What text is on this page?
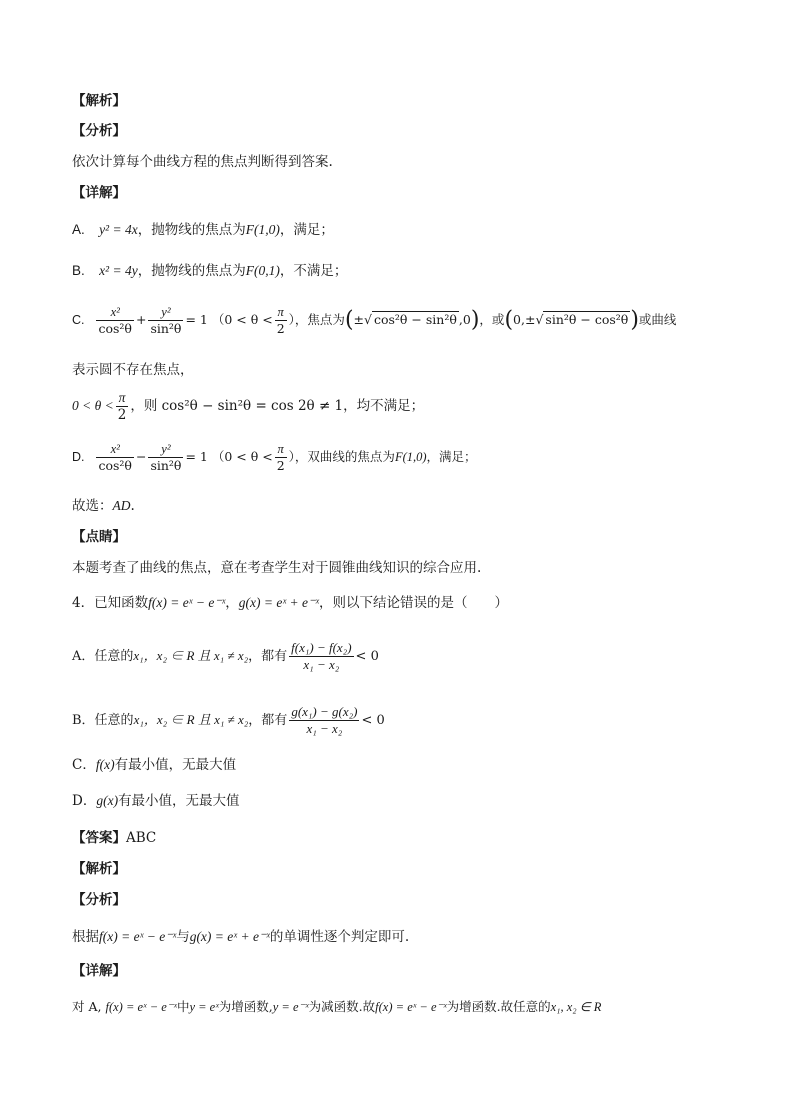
【解析】
【分析】
依次计算每个曲线方程的焦点判断得到答案.
【详解】
A. y² = 4x，抛物线的焦点为F(1,0)，满足；
B. x² = 4y，抛物线的焦点为F(0,1)，不满足；
C. $\frac{\text{x²}}{\text{cos²θ}} + \frac{\text{y²}}{\text{sin²θ}} = 1$ （$0 < \theta < \frac{\pi}{2}$ ），焦点为(±√ cos²θ − sin²θ ,0)，或(0,±√ sin²θ − cos²θ)或曲线
表示圆不存在焦点，
$0 < \theta < \frac{\pi}{2}$ ，则 cos²θ − sin²θ = cos 2θ ≠ 1，均不满足；
D. $\frac{\text{x²}}{\text{cos²θ}} - \frac{\text{y²}}{\text{sin²θ}} = 1$ （$0 < \theta < \frac{\pi}{2}$ ），双曲线的焦点为F(1,0)，满足；
故选：AD.
【点睛】
本题考查了曲线的焦点，意在考查学生对于圆锥曲线知识的综合应用.
4．已知函数f(x) = eˣ − e⁻ˣ，g(x) = eˣ + e⁻ˣ，则以下结论错误的是（　　）
A．任意的x₁，x₂ ∈ R 且 x₁ ≠ x₂，都有 $\frac{\text{f(x₁) − f(x₂)}}{\text{x₁ − x₂}} < 0$
B．任意的x₁，x₂ ∈ R 且 x₁ ≠ x₂，都有 $\frac{\text{g(x₁) − g(x₂)}}{\text{x₁ − x₂}} < 0$
C．f(x)有最小值，无最大值
D．g(x)有最小值，无最大值
【答案】ABC
【解析】
【分析】
根据f(x) = eˣ − e⁻ˣ与g(x) = eˣ + e⁻ˣ的单调性逐个判定即可.
【详解】
对 A, f(x) = eˣ − e⁻ˣ中y = eˣ为增函数,y = e⁻ˣ为减函数.故f(x) = eˣ − e⁻ˣ为增函数.故任意的x₁, x₂ ∈ R
